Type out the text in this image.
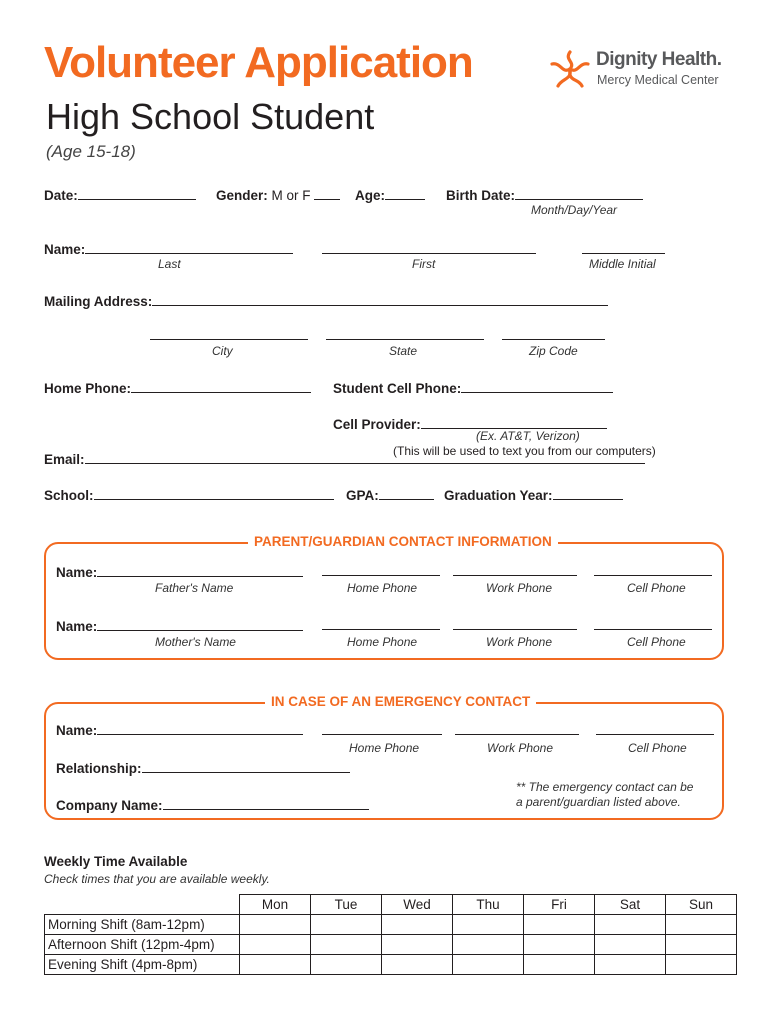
Volunteer Application
High School Student
(Age 15-18)
Dignity Health.
Mercy Medical Center
Date:	Gender: M or F	Age:	Birth Date:
Month/Day/Year
Name:
Last	First	Middle Initial
Mailing Address:
City	State	Zip Code
Home Phone:	Student Cell Phone:
Cell Provider:
(Ex. AT&T, Verizon)
(This will be used to text you from our computers)
Email:
School:	GPA:	Graduation Year:
PARENT/GUARDIAN CONTACT INFORMATION
Name:
Father's Name	Home Phone	Work Phone	Cell Phone
Name:
Mother's Name	Home Phone	Work Phone	Cell Phone
IN CASE OF AN EMERGENCY CONTACT
Name:
Home Phone	Work Phone	Cell Phone
Relationship:
Company Name:
** The emergency contact can be
a parent/guardian listed above.
Weekly Time Available
Check times that you are available weekly.
	Mon	Tue	Wed	Thu	Fri	Sat	Sun
Morning Shift (8am-12pm)							
Afternoon Shift (12pm-4pm)							
Evening Shift (4pm-8pm)							
